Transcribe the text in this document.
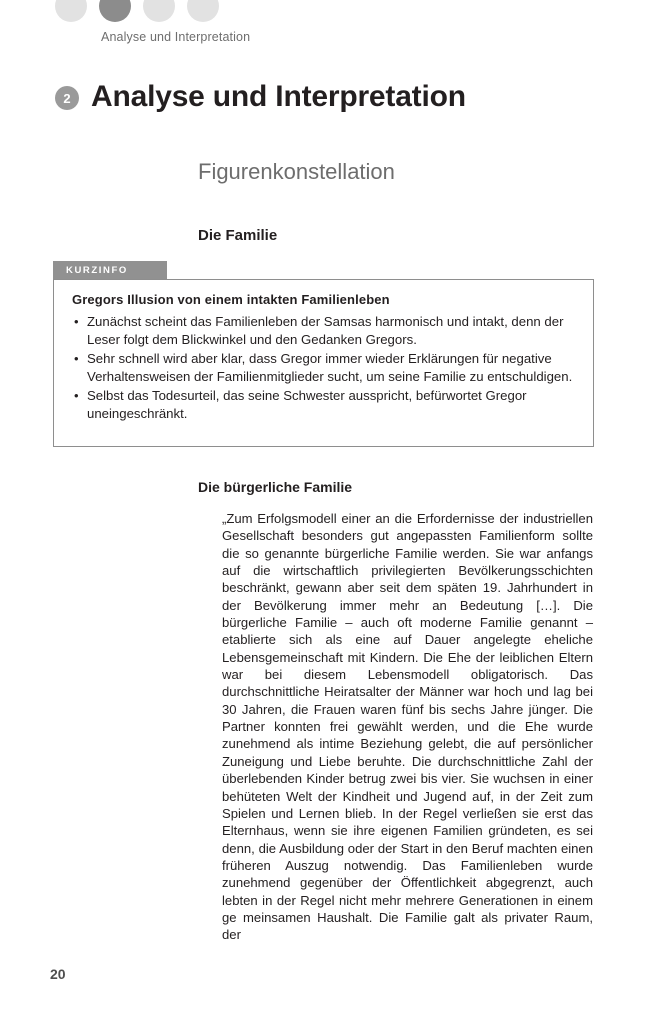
Analyse und Interpretation
2 Analyse und Interpretation
Figurenkonstellation
Die Familie
KURZINFO
Gregors Illusion von einem intakten Familienleben
• Zunächst scheint das Familienleben der Samsas harmonisch und intakt, denn der Leser folgt dem Blickwinkel und den Gedanken Gregors.
• Sehr schnell wird aber klar, dass Gregor immer wieder Erklärungen für negative Verhaltensweisen der Familienmitglieder sucht, um seine Familie zu entschuldigen.
• Selbst das Todesurteil, das seine Schwester ausspricht, befürwortet Gregor uneingeschränkt.
Die bürgerliche Familie
„Zum Erfolgsmodell einer an die Erfordernisse der industriellen Gesellschaft besonders gut angepassten Familienform sollte die so genannte bürgerliche Familie werden. Sie war anfangs auf die wirtschaftlich privilegierten Bevölkerungsschichten beschränkt, gewann aber seit dem späten 19. Jahrhundert in der Bevölkerung immer mehr an Bedeutung […]. Die bürgerliche Familie – auch oft moderne Familie genannt – etablierte sich als eine auf Dauer angelegte eheliche Lebensgemeinschaft mit Kindern. Die Ehe der leiblichen Eltern war bei diesem Lebensmodell obligatorisch. Das durchschnittliche Heiratsalter der Männer war hoch und lag bei 30 Jahren, die Frauen waren fünf bis sechs Jahre jünger. Die Partner konnten frei gewählt werden, und die Ehe wurde zunehmend als intime Beziehung gelebt, die auf persönlicher Zuneigung und Liebe beruhte. Die durchschnittliche Zahl der überlebenden Kinder betrug zwei bis vier. Sie wuchsen in einer behüteten Welt der Kindheit und Jugend auf, in der Zeit zum Spielen und Lernen blieb. In der Regel verließen sie erst das Elternhaus, wenn sie ihre eigenen Familien gründeten, es sei denn, die Ausbildung oder der Start in den Beruf machten einen früheren Auszug notwendig. Das Familienleben wurde zunehmend gegenüber der Öffentlichkeit abgegrenzt, auch lebten in der Regel nicht mehr mehrere Generationen in einem ge meinsamen Haushalt. Die Familie galt als privater Raum, der
20
